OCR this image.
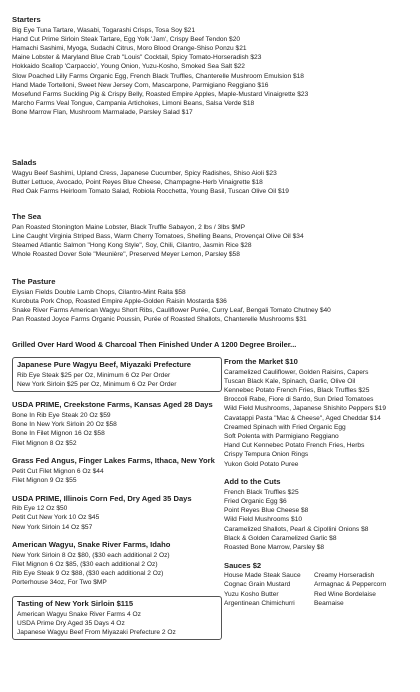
Starters
Big Eye Tuna Tartare, Wasabi, Togarashi Crisps, Tosa Soy $21
Hand Cut Prime Sirloin Steak Tartare, Egg Yolk 'Jam', Crispy Beef Tendon $20
Hamachi Sashimi, Myoga, Sudachi Citrus, Moro Blood Orange-Shiso Ponzu $21
Maine Lobster & Maryland Blue Crab "Louis" Cocktail, Spicy Tomato-Horseradish $23
Hokkaido Scallop 'Carpaccio', Young Onion, Yuzu-Kosho, Smoked Sea Salt $22
Slow Poached Lilly Farms Organic Egg, French Black Truffles, Chanterelle Mushroom Emulsion $18
Hand Made Tortelloni, Sweet New Jersey Corn, Mascarpone, Parmigiano Reggiano $16
Mosefund Farms Suckling Pig & Crispy Belly, Roasted Empire Apples, Maple-Mustard Vinaigrette $23
Marcho Farms Veal Tongue, Campania Artichokes, Limoni Beans, Salsa Verde $18
Bone Marrow Flan, Mushroom Marmalade, Parsley Salad $17
Salads
Wagyu Beef Sashimi, Upland Cress, Japanese Cucumber, Spicy Radishes, Shiso Aioli $23
Butter Lettuce, Avocado, Point Reyes Blue Cheese, Champagne-Herb Vinaigrette $18
Red Oak Farms Heirloom Tomato Salad, Robiola Rocchetta, Young Basil, Tuscan Olive Oil $19
The Sea
Pan Roasted Stonington Maine Lobster, Black Truffle Sabayon, 2 lbs / 3lbs $MP
Line Caught Virginia Striped Bass, Warm Cherry Tomatoes, Shelling Beans, Provençal Olive Oil $34
Steamed Atlantic Salmon "Hong Kong Style", Soy, Chili, Cilantro, Jasmin Rice $28
Whole Roasted Dover Sole "Meunière", Preserved Meyer Lemon, Parsley $58
The Pasture
Elysian Fields Double Lamb Chops, Cilantro-Mint Raita $58
Kurobuta Pork Chop, Roasted Empire Apple-Golden Raisin Mostarda $36
Snake River Farms American Wagyu Short Ribs, Cauliflower Purée, Curry Leaf, Bengali Tomato Chutney $40
Pan Roasted Joyce Farms Organic Poussin, Purée of Roasted Shallots, Chanterelle Mushrooms $31
Grilled Over Hard Wood & Charcoal Then Finished Under A 1200 Degree Broiler...
Japanese Pure Wagyu Beef, Miyazaki Prefecture
Rib Eye Steak $25 per Oz, Minimum 6 Oz Per Order
New York Sirloin $25 per Oz, Minimum 6 Oz Per Order
USDA PRIME, Creekstone Farms, Kansas Aged 28 Days
Bone In Rib Eye Steak 20 Oz $59
Bone In New York Sirloin 20 Oz $58
Bone In Filet Mignon 16 Oz $58
Filet Mignon 8 Oz $52
Grass Fed Angus, Finger Lakes Farms, Ithaca, New York
Petit Cut Filet Mignon 6 Oz $44
Filet Mignon 9 Oz $55
USDA PRIME, Illinois Corn Fed, Dry Aged 35 Days
Rib Eye 12 Oz $50
Petit Cut New York 10 Oz $45
New York Sirloin 14 Oz $57
American Wagyu, Snake River Farms, Idaho
New York Sirloin 8 Oz $80, ($30 each additional 2 Oz)
Filet Mignon 6 Oz $85, ($30 each additional 2 Oz)
Rib Eye Steak 9 Oz $88, ($30 each additional 2 Oz)
Porterhouse 34oz, For Two $MP
Tasting of New York Sirloin $115
American Wagyu Snake River Farms 4 Oz
USDA Prime Dry Aged 35 Days 4 Oz
Japanese Wagyu Beef From Miyazaki Prefecture 2 Oz
From the Market $10
Caramelized Cauliflower, Golden Raisins, Capers
Tuscan Black Kale, Spinach, Garlic, Olive Oil
Kennebec Potato French Fries, Black Truffles $25
Broccoli Rabe, Fiore di Sardo, Sun Dried Tomatoes
Wild Field Mushrooms, Japanese Shishito Peppers $19
Cavatappi Pasta "Mac & Cheese", Aged Cheddar $14
Creamed Spinach with Fried Organic Egg
Soft Polenta with Parmigiano Reggiano
Hand Cut Kennebec Potato French Fries, Herbs
Crispy Tempura Onion Rings
Yukon Gold Potato Puree
Add to the Cuts
French Black Truffles $25
Fried Organic Egg $6
Point Reyes Blue Cheese $8
Wild Field Mushrooms $10
Caramelized Shallots, Pearl & Cipollini Onions $8
Black & Golden Caramelized Garlic $8
Roasted Bone Marrow, Parsley $8
Sauces $2
House Made Steak Sauce	Creamy Horseradish
Cognac Grain Mustard	Armagnac & Peppercorn
Yuzu Kosho Butter	Red Wine Bordelaise
Argentinean Chimichurri	Bearnaise
